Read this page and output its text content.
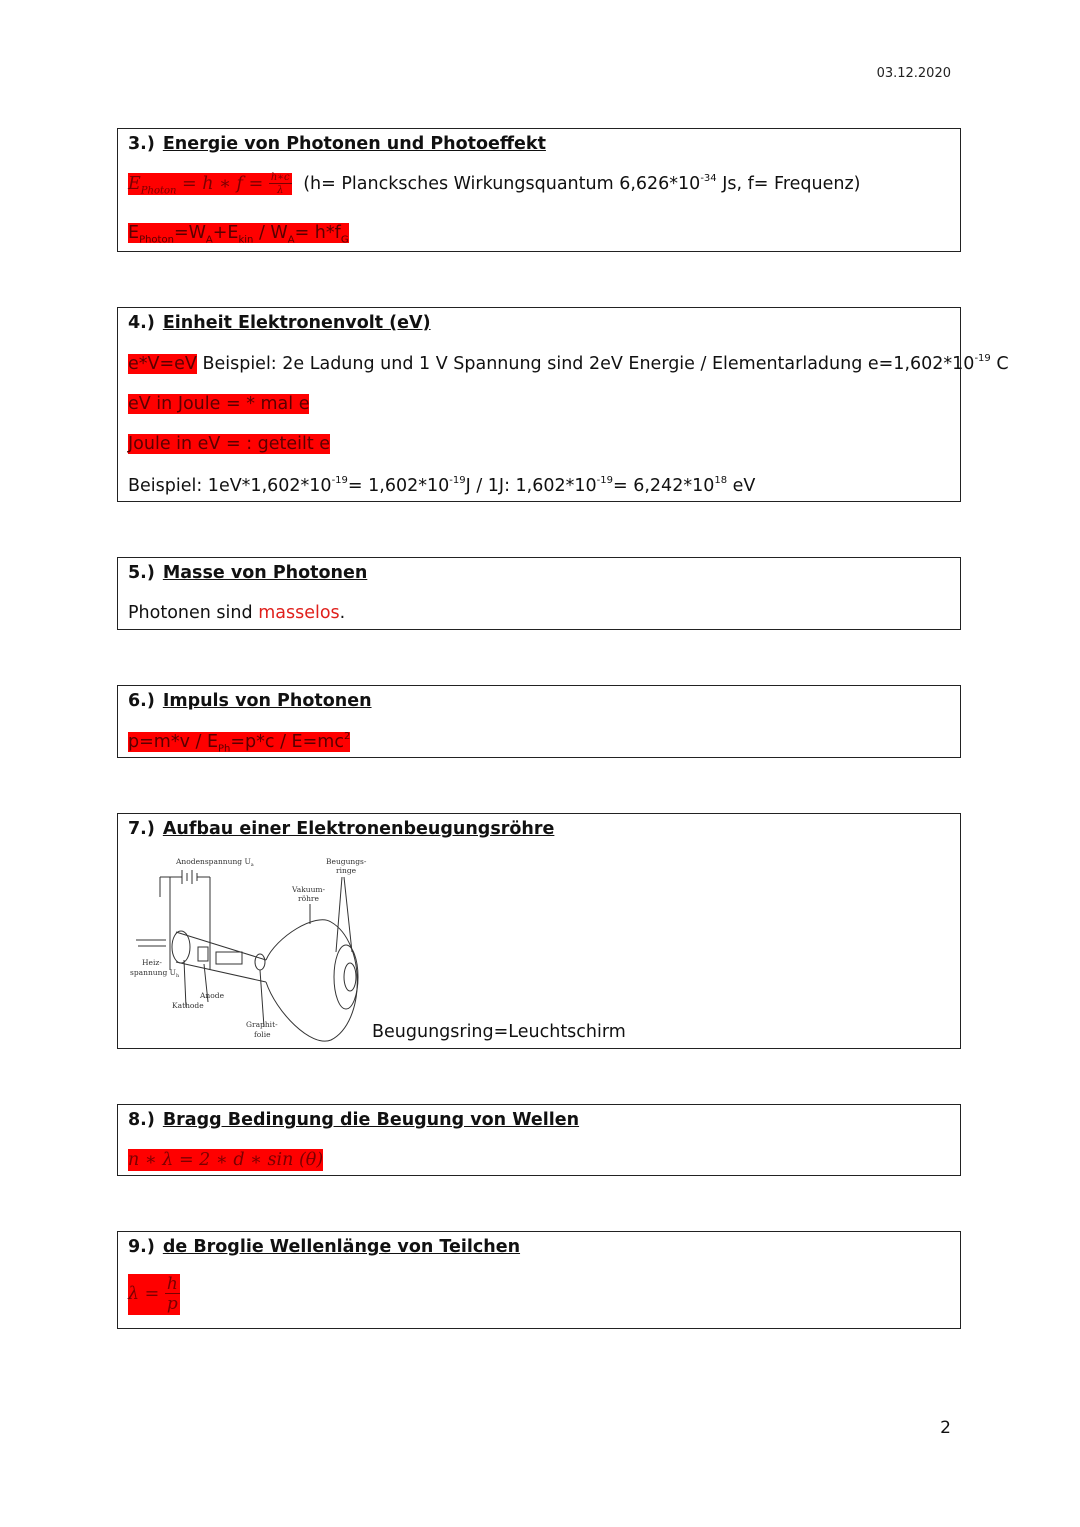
03.12.2020
3.) Energie von Photonen und Photoeffekt
$E_{Photon} = h$ ∗ $f = \frac{h∗c}{\lambda} (h=$ Plancksches Wirkungsquantum $6,626*10^{-34}$ Js, f= Frequenz)
$E_{Photon}=W_A+E_{kin} / W_A= h*f_G$
4.) Einheit Elektronenvolt (eV)
e*V=eV Beispiel: 2e Ladung und 1 V Spannung sind 2eV Energie / Elementarladung $e=1,602*10^{-19}$ C
eV in Joule = * mal e
Joule in eV = : geteilt e
Beispiel: $1eV*1,602*10^{-19}= 1,602*10^{-19}J / 1J$: $1,602*10^{-19}= 6,242*10^{18}$ eV
5.) Masse von Photonen
Photonen sind masselos.
6.) Impuls von Photonen
$p=m*v / E_{Ph}=p*c / E=mc^2$
7.) Aufbau einer Elektronenbeugungsröhre
Anodenspannung $U_a$	Beugungs-
ringe
Vakuum-
röhre
Heiz-
spannung $U_h$
Anode
Kathode
Graphit-
folie	Beugungsring=Leuchtschirm
8.) Bragg Bedingung die Beugung von Wellen
n ∗ λ = 2 ∗ d ∗ sin (θ)
9.) de Broglie Wellenlänge von Teilchen
$\lambda = \frac{h}{p}$
2
